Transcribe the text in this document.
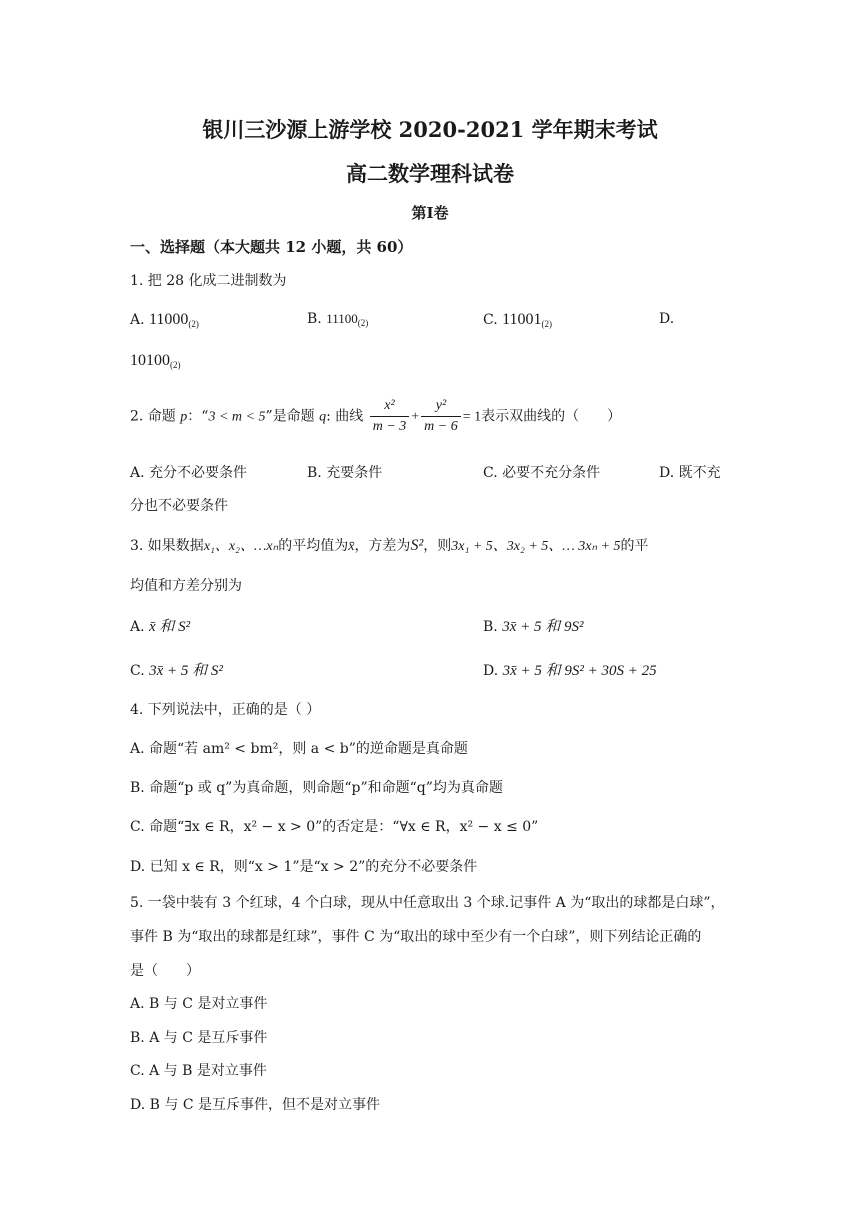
银川三沙源上游学校 2020-2021 学年期末考试
高二数学理科试卷
第Ⅰ卷
一、选择题（本大题共 12 小题，共 60）
1. 把 28 化成二进制数为
A. $11000_{(2)}$	B. $11100_{(2)}$	C. $11001_{(2)}$	D.
$10100_{(2)}$
2. 命题 p：“3 < m < 5”是命题 q: 曲线 $\frac{\text{x²}}{m - 3} + \frac{\text{y²}}{m - 6} = 1$表示双曲线的（　　）
A. 充分不必要条件	B. 充要条件	C. 必要不充分条件	D. 既不充
分也不必要条件
3. 如果数据x₁、x₂、…xₙ的平均值为x̄，方差为S²，则3x₁ + 5、3x₂ + 5、… 3xₙ + 5的平
均值和方差分别为
A. x̄ 和 S²	B. 3x̄ + 5 和 9S²
C. 3x̄ + 5 和 S²	D. 3x̄ + 5 和 9S² + 30S + 25
4. 下列说法中，正确的是（ ）
A. 命题“若 am² < bm²，则 a < b”的逆命题是真命题
B. 命题“p 或 q”为真命题，则命题“p”和命题“q”均为真命题
C. 命题“∃x ∈ R，x² − x > 0”的否定是：“∀x ∈ R，x² − x ≤ 0”
D. 已知 x ∈ R，则“x > 1”是“x > 2”的充分不必要条件
5. 一袋中装有 3 个红球，4 个白球，现从中任意取出 3 个球.记事件 A 为“取出的球都是白球”，
事件 B 为“取出的球都是红球”，事件 C 为“取出的球中至少有一个白球”，则下列结论正确的
是（　　）
A. B 与 C 是对立事件
B. A 与 C 是互斥事件
C. A 与 B 是对立事件
D. B 与 C 是互斥事件，但不是对立事件
